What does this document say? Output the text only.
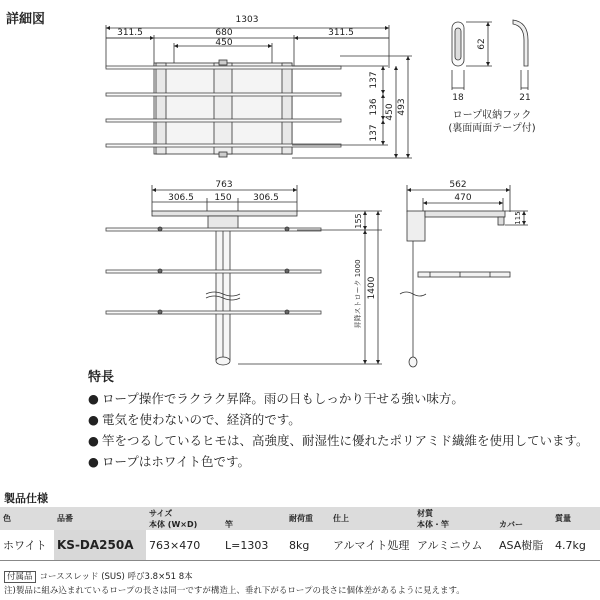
詳細図	1303
311.5	680	311.5
450
137
136
137
450 493
62
18	21
ロープ収納フック
(裏面両面テープ付)
763
306.5 150 306.5
155
昇降ストローク 1000 1400
562
470
115
特長
● ロープ操作でラクラク昇降。雨の日もしっかり干せる強い味方。
● 電気を使わないので、経済的です。
● 竿をつるしているヒモは、高強度、耐湿性に優れたポリアミド繊維を使用しています。
● ロープはホワイト色です。
製品仕様
色	品番	サイズ		耐荷重	仕上	材質		質量
		本体 (W×D)	竿			本体・竿	カバー	
ホワイト	KS-DA250A	763×470	L=1303	8kg	アルマイト処理	アルミニウム	ASA樹脂	4.7kg
付属品 コーススレッド (SUS) 呼び3.8×51 8本
注)製品に組み込まれているロープの長さは同一ですが構造上、垂れ下がるロープの長さに個体差があるように見えます。
